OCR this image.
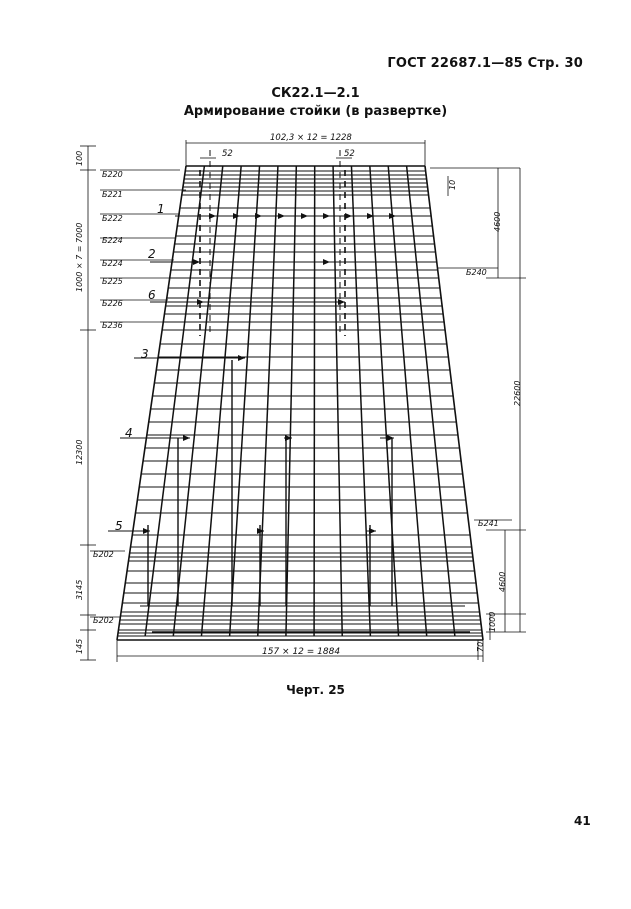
ГОСТ 22687.1—85 Стр. 30
СК22.1—2.1
Армирование стойки (в развертке)
102,3 × 12 = 1228
52	52
157 × 12 = 1884
100
1000 × 7 = 7000
12300
3145
145
10
4600
22600
4600
1000
70
Б220
Б221
Б222
Б224
Б224
Б225
Б226
Б236
Б202
Б202
Б240
Б241
1
2
6
3
4
5
Черт. 25
41
